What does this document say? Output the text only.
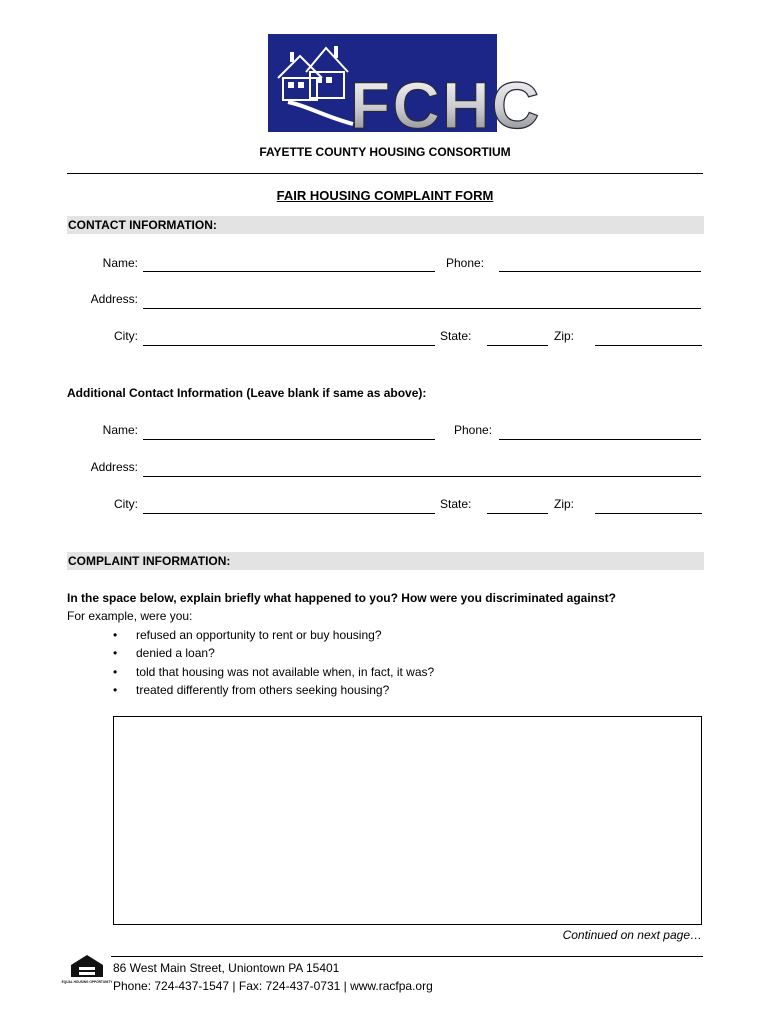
FCHC
FAYETTE COUNTY HOUSING CONSORTIUM
FAIR HOUSING COMPLAINT FORM
CONTACT INFORMATION:
Name:	Phone:
Address:
City:	State:	Zip:
Additional Contact Information (Leave blank if same as above):
Name:	Phone:
Address:
City:	State:	Zip:
COMPLAINT INFORMATION:
In the space below, explain briefly what happened to you? How were you discriminated against?
For example, were you:
• refused an opportunity to rent or buy housing?
• denied a loan?
• told that housing was not available when, in fact, it was?
• treated differently from others seeking housing?
Continued on next page…
EQUAL HOUSING OPPORTUNITY
86 West Main Street, Uniontown PA 15401
Phone: 724-437-1547 | Fax: 724-437-0731 | www.racfpa.org
